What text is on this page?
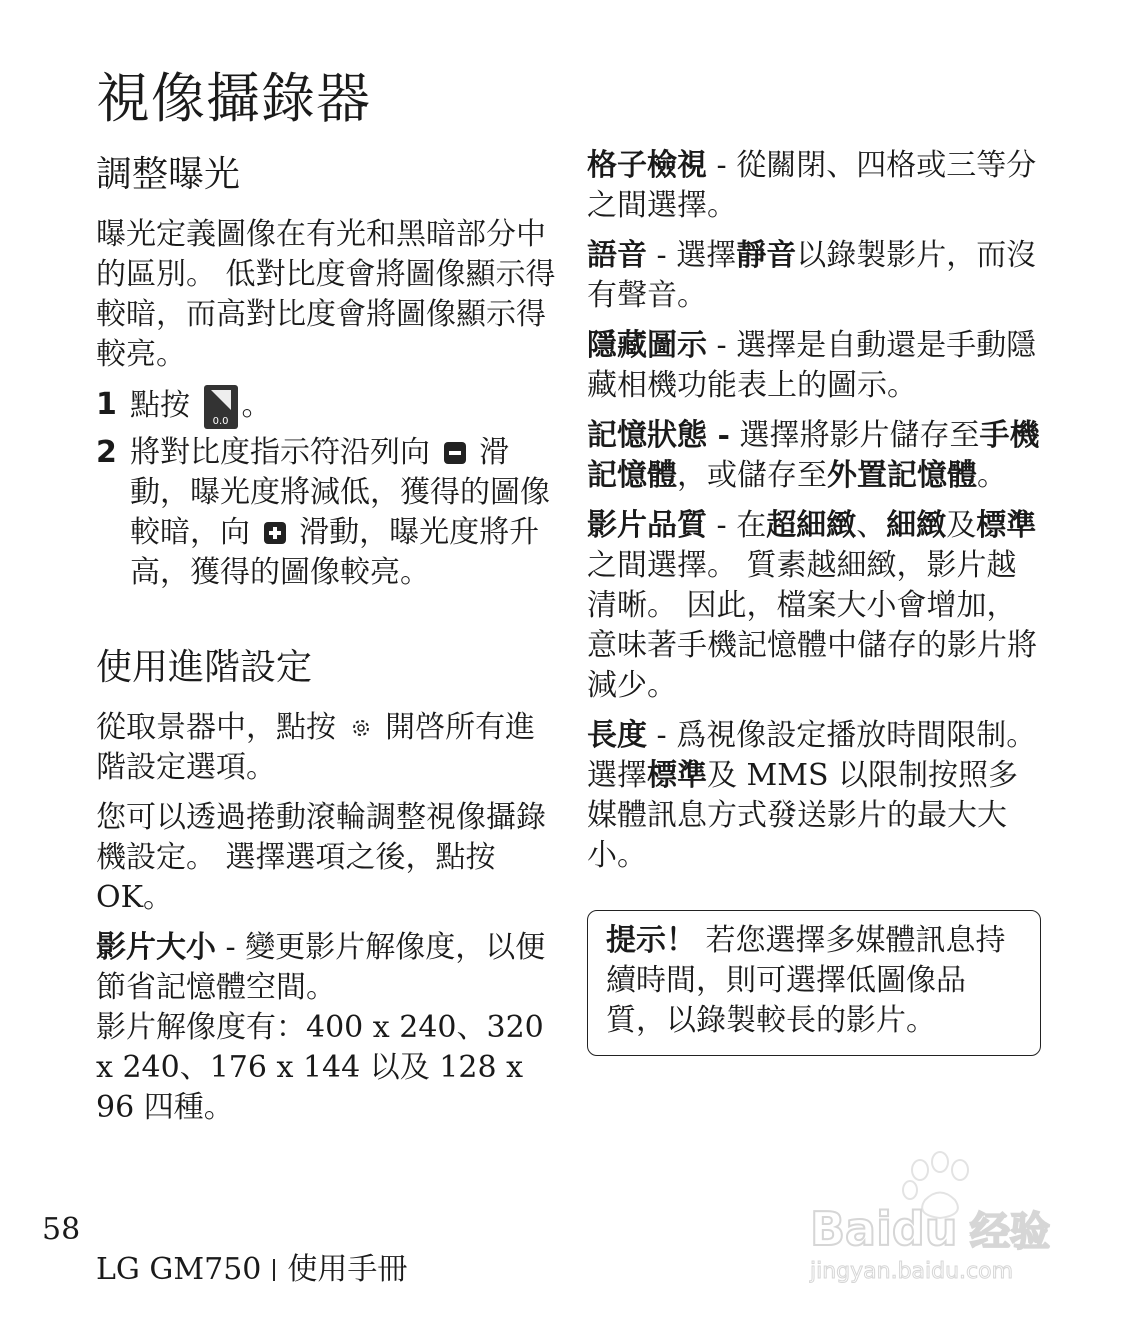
視像攝錄器
調整曝光
曝光定義圖像在有光和黑暗部分中的區別。 低對比度會將圖像顯示得較暗，而高對比度會將圖像顯示得較亮。
1 點按	0.0 。
2 將對比度指示符沿列向 滑動，曝光度將減低，獲得的圖像較暗，向 滑動，曝光度將升高，獲得的圖像較亮。
使用進階設定
從取景器中，點按 開啓所有進階設定選項。
您可以透過捲動滾輪調整視像攝錄機設定。 選擇選項之後，點按OK。
影片大小 - 變更影片解像度，以便節省記憶體空間。
影片解像度有：400 x 240、320 x 240、176 x 144 以及 128 x 96 四種。
格子檢視 - 從關閉、四格或三等分之間選擇。
語音 - 選擇靜音以錄製影片，而沒有聲音。
隱藏圖示 - 選擇是自動還是手動隱藏相機功能表上的圖示。
記憶狀態 - 選擇將影片儲存至手機記憶體，或儲存至外置記憶體。
影片品質 - 在超細緻、細緻及標準之間選擇。 質素越細緻，影片越清晰。 因此，檔案大小會增加，意味著手機記憶體中儲存的影片將減少。
長度 - 爲視像設定播放時間限制。 選擇標準及 MMS 以限制按照多媒體訊息方式發送影片的最大大小。
提示！ 若您選擇多媒體訊息持續時間，則可選擇低圖像品質，以錄製較長的影片。
58
LG GM750 使用手冊
Baidu 经验
jingyan.baidu.com
